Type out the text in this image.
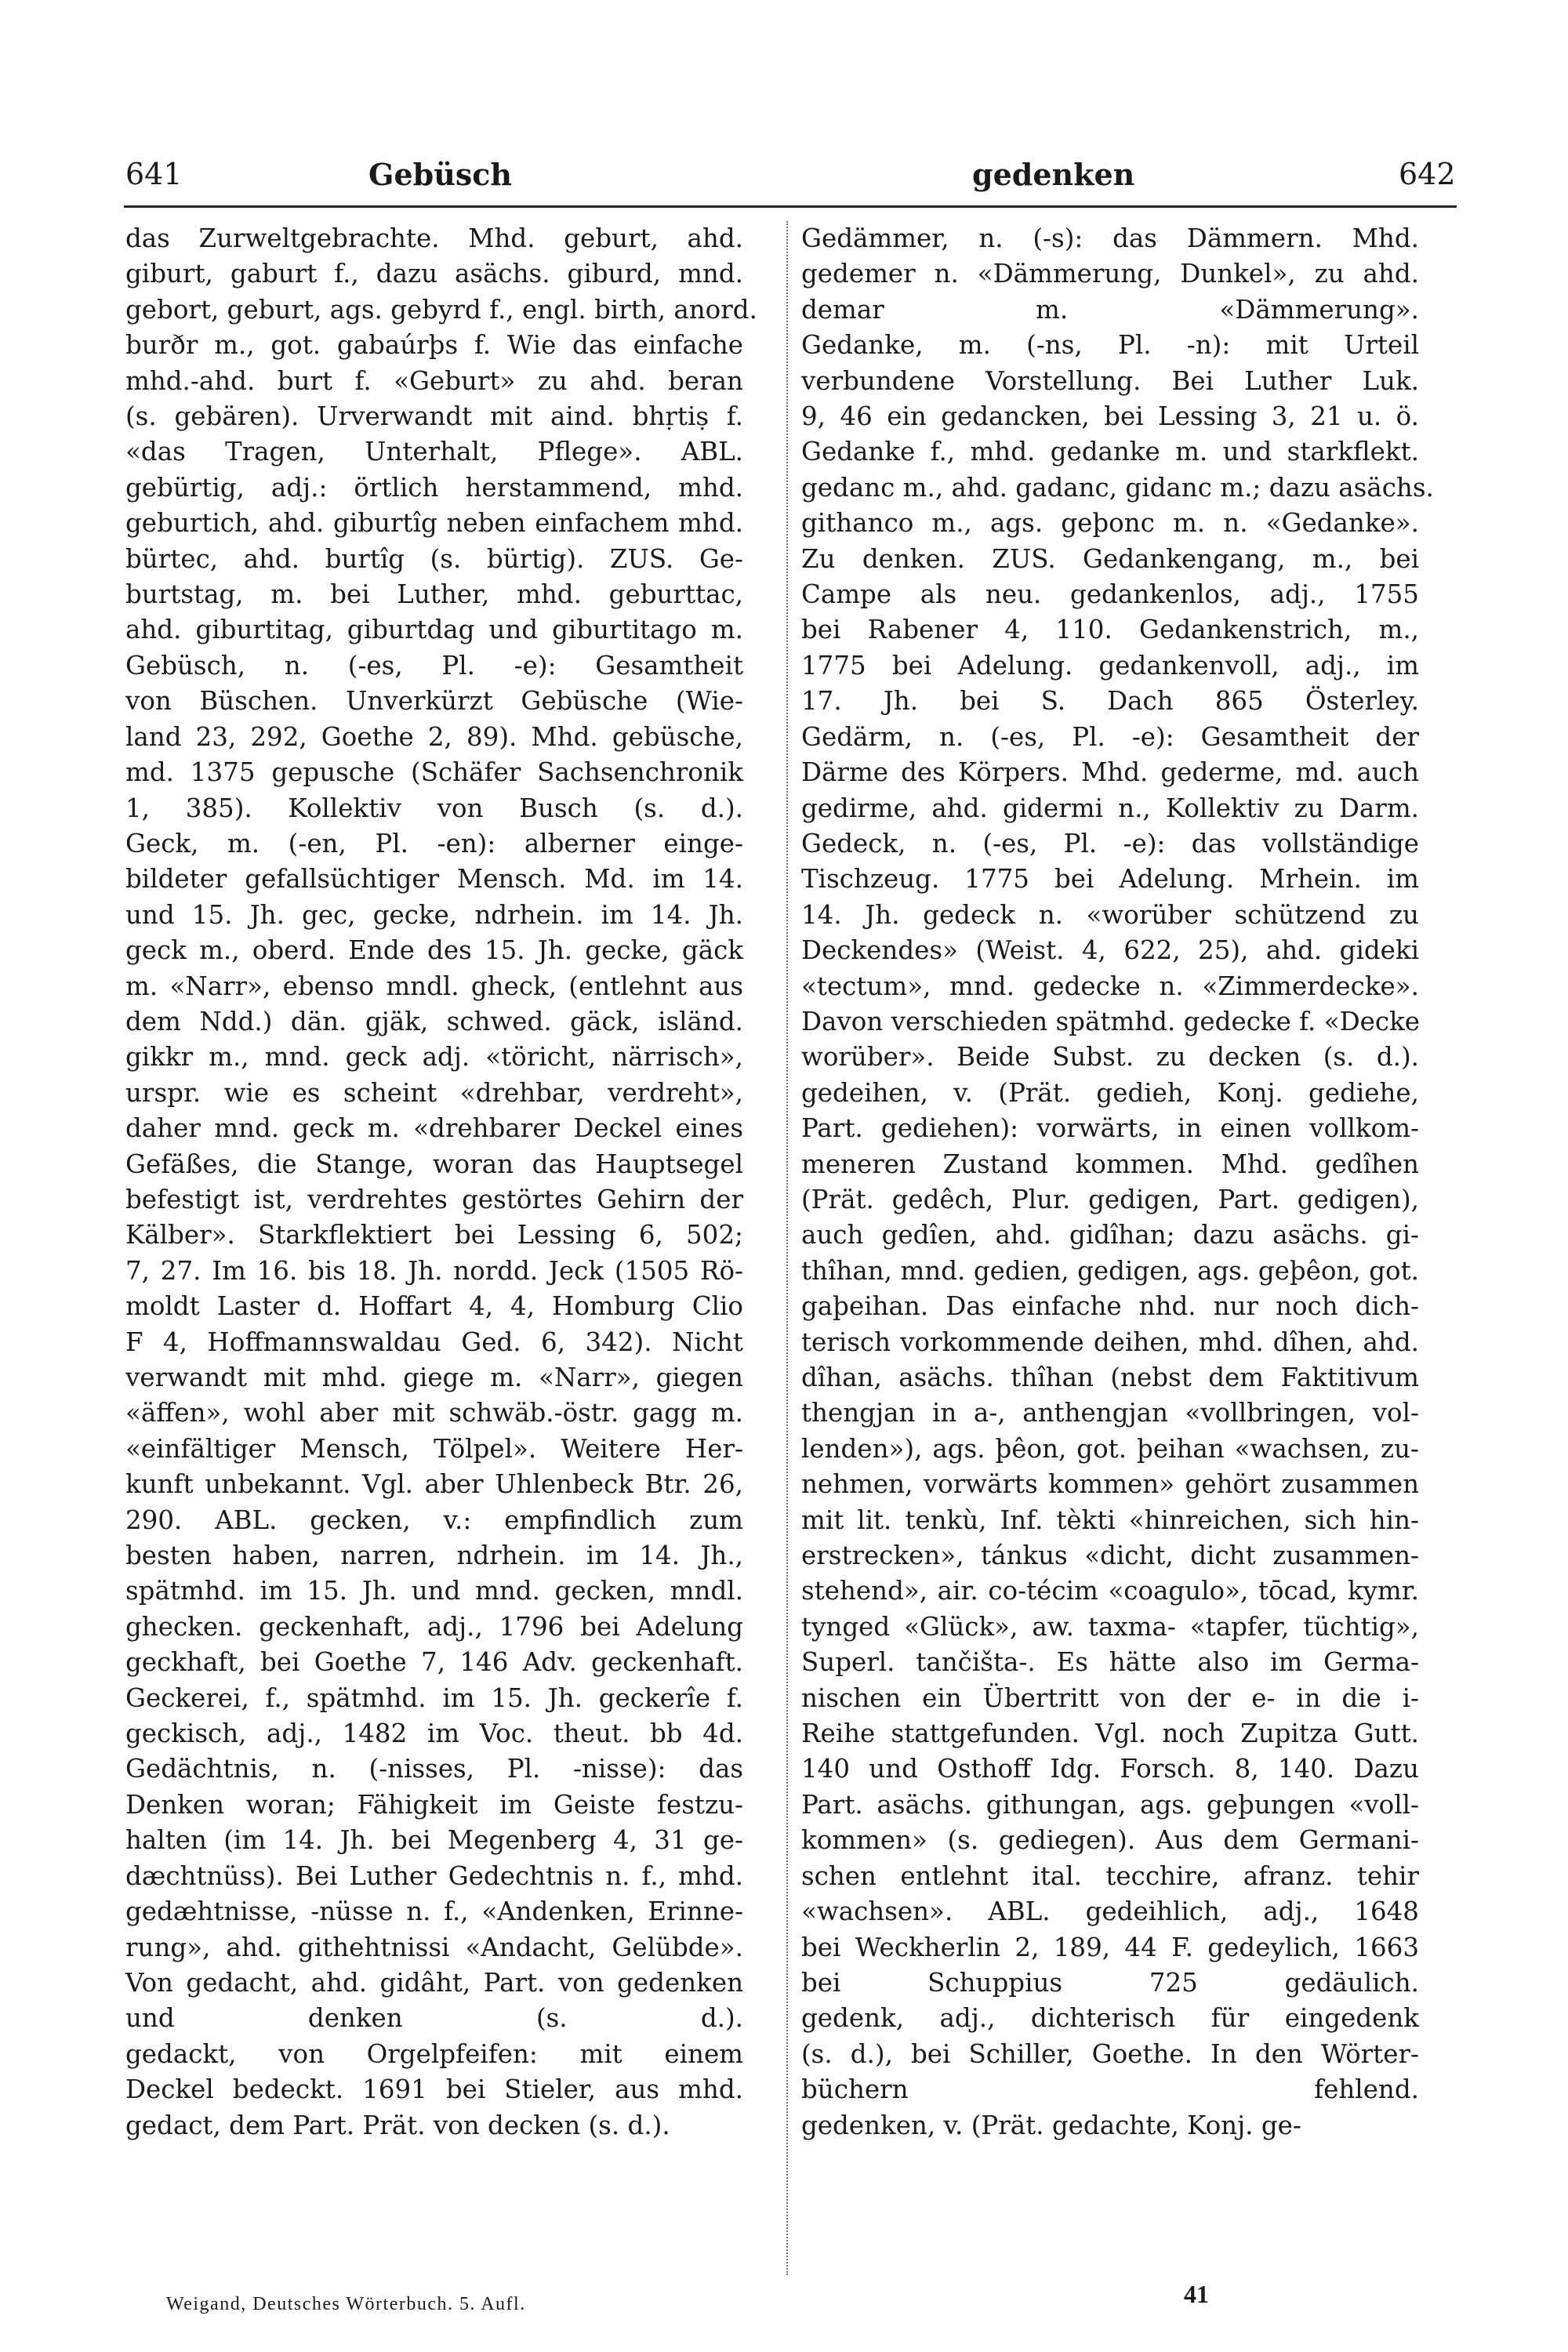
641	Gebüsch	gedenken	642

das Zurweltgebrachte. Mhd. geburt, ahd.

giburt, gaburt f., dazu asächs. giburd, mnd.

gebort, geburt, ags. gebyrd f., engl. birth, anord.

burðr m., got. gabaúrþs f. Wie das einfache

mhd.-ahd. burt f. «Geburt» zu ahd. beran

(s. gebären). Urverwandt mit aind. bhṛtiṣ f.

«das Tragen, Unterhalt, Pflege». ABL.

gebürtig, adj.: örtlich herstammend, mhd.

geburtich, ahd. giburtîg neben einfachem mhd.

bürtec, ahd. burtîg (s. bürtig). ZUS. Ge-

burtstag, m. bei Luther, mhd. geburttac,

ahd. giburtitag, giburtdag und giburtitago m.

Gebüsch, n. (-es, Pl. -e): Gesamtheit

von Büschen. Unverkürzt Gebüsche (Wie-

land 23, 292, Goethe 2, 89). Mhd. gebüsche,

md. 1375 gepusche (Schäfer Sachsenchronik

1, 385). Kollektiv von Busch (s. d.).

Geck, m. (-en, Pl. -en): alberner einge-

bildeter gefallsüchtiger Mensch. Md. im 14.

und 15. Jh. gec, gecke, ndrhein. im 14. Jh.

geck m., oberd. Ende des 15. Jh. gecke, gäck

m. «Narr», ebenso mndl. gheck, (entlehnt aus

dem Ndd.) dän. gjäk, schwed. gäck, isländ.

gikkr m., mnd. geck adj. «töricht, närrisch»,

urspr. wie es scheint «drehbar, verdreht»,

daher mnd. geck m. «drehbarer Deckel eines

Gefäßes, die Stange, woran das Hauptsegel

befestigt ist, verdrehtes gestörtes Gehirn der

Kälber». Starkflektiert bei Lessing 6, 502;

7, 27. Im 16. bis 18. Jh. nordd. Jeck (1505 Rö-

moldt Laster d. Hoffart 4, 4, Homburg Clio

F 4, Hoffmannswaldau Ged. 6, 342). Nicht

verwandt mit mhd. giege m. «Narr», giegen

«äffen», wohl aber mit schwäb.-östr. gagg m.

«einfältiger Mensch, Tölpel». Weitere Her-

kunft unbekannt. Vgl. aber Uhlenbeck Btr. 26,

290. ABL. gecken, v.: empfindlich zum

besten haben, narren, ndrhein. im 14. Jh.,

spätmhd. im 15. Jh. und mnd. gecken, mndl.

ghecken. geckenhaft, adj., 1796 bei Adelung

geckhaft, bei Goethe 7, 146 Adv. geckenhaft.

Geckerei, f., spätmhd. im 15. Jh. geckerîe f.

geckisch, adj., 1482 im Voc. theut. bb 4d.

Gedächtnis, n. (-nisses, Pl. -nisse): das

Denken woran; Fähigkeit im Geiste festzu-

halten (im 14. Jh. bei Megenberg 4, 31 ge-

dæchtnüss). Bei Luther Gedechtnis n. f., mhd.

gedæhtnisse, -nüsse n. f., «Andenken, Erinne-

rung», ahd. githehtnissi «Andacht, Gelübde».

Von gedacht, ahd. gidâht, Part. von gedenken

und denken (s. d.).

gedackt, von Orgelpfeifen: mit einem

Deckel bedeckt. 1691 bei Stieler, aus mhd.

gedact, dem Part. Prät. von decken (s. d.).

Gedämmer, n. (-s): das Dämmern. Mhd.

gedemer n. «Dämmerung, Dunkel», zu ahd.

demar m. «Dämmerung».

Gedanke, m. (-ns, Pl. -n): mit Urteil

verbundene Vorstellung. Bei Luther Luk.

9, 46 ein gedancken, bei Lessing 3, 21 u. ö.

Gedanke f., mhd. gedanke m. und starkflekt.

gedanc m., ahd. gadanc, gidanc m.; dazu asächs.

githanco m., ags. geþonc m. n. «Gedanke».

Zu denken. ZUS. Gedankengang, m., bei

Campe als neu. gedankenlos, adj., 1755

bei Rabener 4, 110. Gedankenstrich, m.,

1775 bei Adelung. gedankenvoll, adj., im

17. Jh. bei S. Dach 865 Österley.

Gedärm, n. (-es, Pl. -e): Gesamtheit der

Därme des Körpers. Mhd. gederme, md. auch

gedirme, ahd. gidermi n., Kollektiv zu Darm.

Gedeck, n. (-es, Pl. -e): das vollständige

Tischzeug. 1775 bei Adelung. Mrhein. im

14. Jh. gedeck n. «worüber schützend zu

Deckendes» (Weist. 4, 622, 25), ahd. gideki

«tectum», mnd. gedecke n. «Zimmerdecke».

Davon verschieden spätmhd. gedecke f. «Decke

worüber». Beide Subst. zu decken (s. d.).

gedeihen, v. (Prät. gedieh, Konj. gediehe,

Part. gediehen): vorwärts, in einen vollkom-

meneren Zustand kommen. Mhd. gedîhen

(Prät. gedêch, Plur. gedigen, Part. gedigen),

auch gedîen, ahd. gidîhan; dazu asächs. gi-

thîhan, mnd. gedien, gedigen, ags. geþêon, got.

gaþeihan. Das einfache nhd. nur noch dich-

terisch vorkommende deihen, mhd. dîhen, ahd.

dîhan, asächs. thîhan (nebst dem Faktitivum

thengjan in a-, anthengjan «vollbringen, vol-

lenden»), ags. þêon, got. þeihan «wachsen, zu-

nehmen, vorwärts kommen» gehört zusammen

mit lit. tenkù, Inf. tèkti «hinreichen, sich hin-

erstrecken», tánkus «dicht, dicht zusammen-

stehend», air. co-técim «coagulo», tōcad, kymr.

tynged «Glück», aw. taxma- «tapfer, tüchtig»,

Superl. tančišta-. Es hätte also im Germa-

nischen ein Übertritt von der e- in die i-

Reihe stattgefunden. Vgl. noch Zupitza Gutt.

140 und Osthoff Idg. Forsch. 8, 140. Dazu

Part. asächs. githungan, ags. geþungen «voll-

kommen» (s. gediegen). Aus dem Germani-

schen entlehnt ital. tecchire, afranz. tehir

«wachsen». ABL. gedeihlich, adj., 1648

bei Weckherlin 2, 189, 44 F. gedeylich, 1663

bei Schuppius 725 gedäulich.

gedenk, adj., dichterisch für eingedenk

(s. d.), bei Schiller, Goethe. In den Wörter-

büchern fehlend.

gedenken, v. (Prät. gedachte, Konj. ge-

Weigand, Deutsches Wörterbuch. 5. Aufl.	41
